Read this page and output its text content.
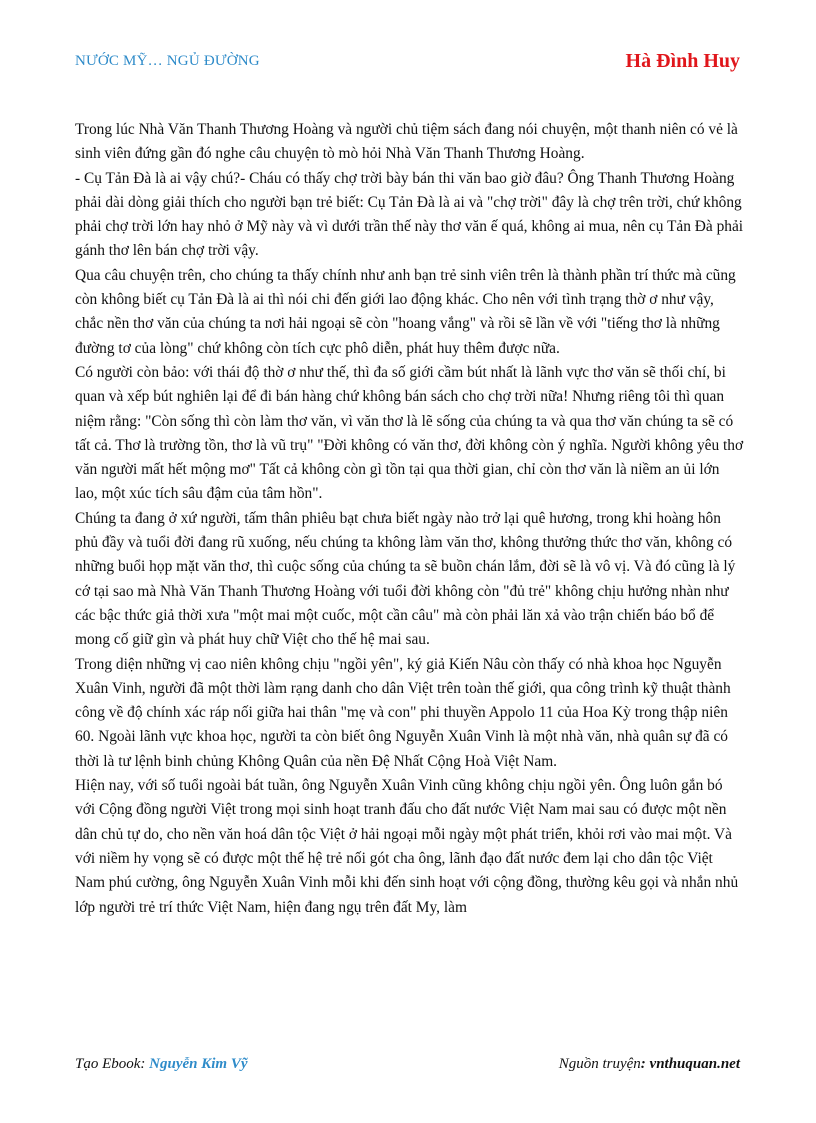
NƯỚC MỸ… NGỦ ĐƯỜNG	Hà Đình Huy

Trong lúc Nhà Văn Thanh Thương Hoàng và người chủ tiệm sách đang nói chuyện, một thanh niên có vẻ là sinh viên đứng gần đó nghe câu chuyện tò mò hỏi Nhà Văn Thanh Thương Hoàng.

- Cụ Tản Đà là ai vậy chú?- Cháu có thấy chợ trời bày bán thi văn bao giờ đâu? Ông Thanh Thương Hoàng phải dài dòng giải thích cho người bạn trẻ biết: Cụ Tản Đà là ai và "chợ trời" đây là chợ trên trời, chứ không phải chợ trời lớn hay nhỏ ở Mỹ này và vì dưới trần thế này thơ văn ế quá, không ai mua, nên cụ Tản Đà phải gánh thơ lên bán chợ trời vậy.

Qua câu chuyện trên, cho chúng ta thấy chính như anh bạn trẻ sinh viên trên là thành phần trí thức mà cũng còn không biết cụ Tản Đà là ai thì nói chi đến giới lao động khác. Cho nên với tình trạng thờ ơ như vậy, chắc nền thơ văn của chúng ta nơi hải ngoại sẽ còn "hoang vắng" và rồi sẽ lần về với "tiếng thơ là những đường tơ của lòng" chứ không còn tích cực phô diễn, phát huy thêm được nữa.

Có người còn bảo: với thái độ thờ ơ như thế, thì đa số giới cầm bút nhất là lãnh vực thơ văn sẽ thối chí, bi quan và xếp bút nghiên lại để đi bán hàng chứ không bán sách cho chợ trời nữa! Nhưng riêng tôi thì quan niệm rằng: "Còn sống thì còn làm thơ văn, vì văn thơ là lẽ sống của chúng ta và qua thơ văn chúng ta sẽ có tất cả. Thơ là trường tồn, thơ là vũ trụ" "Đời không có văn thơ, đời không còn ý nghĩa. Người không yêu thơ văn người mất hết mộng mơ" Tất cả không còn gì tồn tại qua thời gian, chỉ còn thơ văn là niềm an ủi lớn lao, một xúc tích sâu đậm của tâm hồn".

Chúng ta đang ở xứ người, tấm thân phiêu bạt chưa biết ngày nào trở lại quê hương, trong khi hoàng hôn phủ đầy và tuổi đời đang rũ xuống, nếu chúng ta không làm văn thơ, không thưởng thức thơ văn, không có những buổi họp mặt văn thơ, thì cuộc sống của chúng ta sẽ buồn chán lắm, đời sẽ là vô vị. Và đó cũng là lý cớ tại sao mà Nhà Văn Thanh Thương Hoàng với tuổi đời không còn "đủ trẻ" không chịu hưởng nhàn như các bậc thức giả thời xưa "một mai một cuốc, một cần câu" mà còn phải lăn xả vào trận chiến báo bổ để mong cố giữ gìn và phát huy chữ Việt cho thế hệ mai sau.

Trong diện những vị cao niên không chịu "ngồi yên", ký giả Kiến Nâu còn thấy có nhà khoa học Nguyễn Xuân Vinh, người đã một thời làm rạng danh cho dân Việt trên toàn thế giới, qua công trình kỹ thuật thành công về độ chính xác ráp nối giữa hai thân "mẹ và con" phi thuyền Appolo 11 của Hoa Kỳ trong thập niên 60. Ngoài lãnh vực khoa học, người ta còn biết ông Nguyễn Xuân Vinh là một nhà văn, nhà quân sự đã có thời là tư lệnh binh chủng Không Quân của nền Đệ Nhất Cộng Hoà Việt Nam.

Hiện nay, với số tuổi ngoài bát tuần, ông Nguyễn Xuân Vinh cũng không chịu ngồi yên. Ông luôn gắn bó với Cộng đồng người Việt trong mọi sinh hoạt tranh đấu cho đất nước Việt Nam mai sau có được một nền dân chủ tự do, cho nền văn hoá dân tộc Việt ở hải ngoại mỗi ngày một phát triển, khỏi rơi vào mai một. Và với niềm hy vọng sẽ có được một thế hệ trẻ nối gót cha ông, lãnh đạo đất nước đem lại cho dân tộc Việt Nam phú cường, ông Nguyễn Xuân Vinh mỗi khi đến sinh hoạt với cộng đồng, thường kêu gọi và nhắn nhủ lớp người trẻ trí thức Việt Nam, hiện đang ngụ trên đất My, làm

Tạo Ebook: Nguyễn Kim Vỹ	Nguồn truyện: vnthuquan.net
